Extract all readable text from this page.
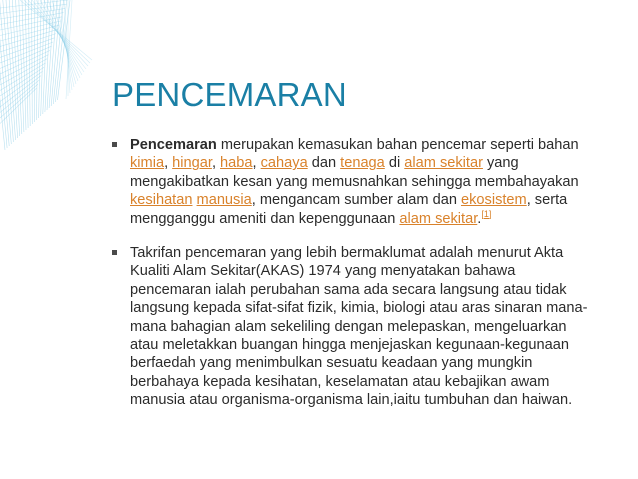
PENCEMARAN
Pencemaran merupakan kemasukan bahan pencemar seperti bahan kimia, hingar, haba, cahaya dan tenaga di alam sekitar yang mengakibatkan kesan yang memusnahkan sehingga membahayakan kesihatan manusia, mengancam sumber alam dan ekosistem, serta mengganggu ameniti dan kepenggunaan alam sekitar.[1]
Takrifan pencemaran yang lebih bermaklumat adalah menurut Akta Kualiti Alam Sekitar(AKAS) 1974 yang menyatakan bahawa pencemaran ialah perubahan sama ada secara langsung atau tidak langsung kepada sifat-sifat fizik, kimia, biologi atau aras sinaran mana-mana bahagian alam sekeliling dengan melepaskan, mengeluarkan atau meletakkan buangan hingga menjejaskan kegunaan-kegunaan berfaedah yang menimbulkan sesuatu keadaan yang mungkin berbahaya kepada kesihatan, keselamatan atau kebajikan awam manusia atau organisma-organisma lain,iaitu tumbuhan dan haiwan.
